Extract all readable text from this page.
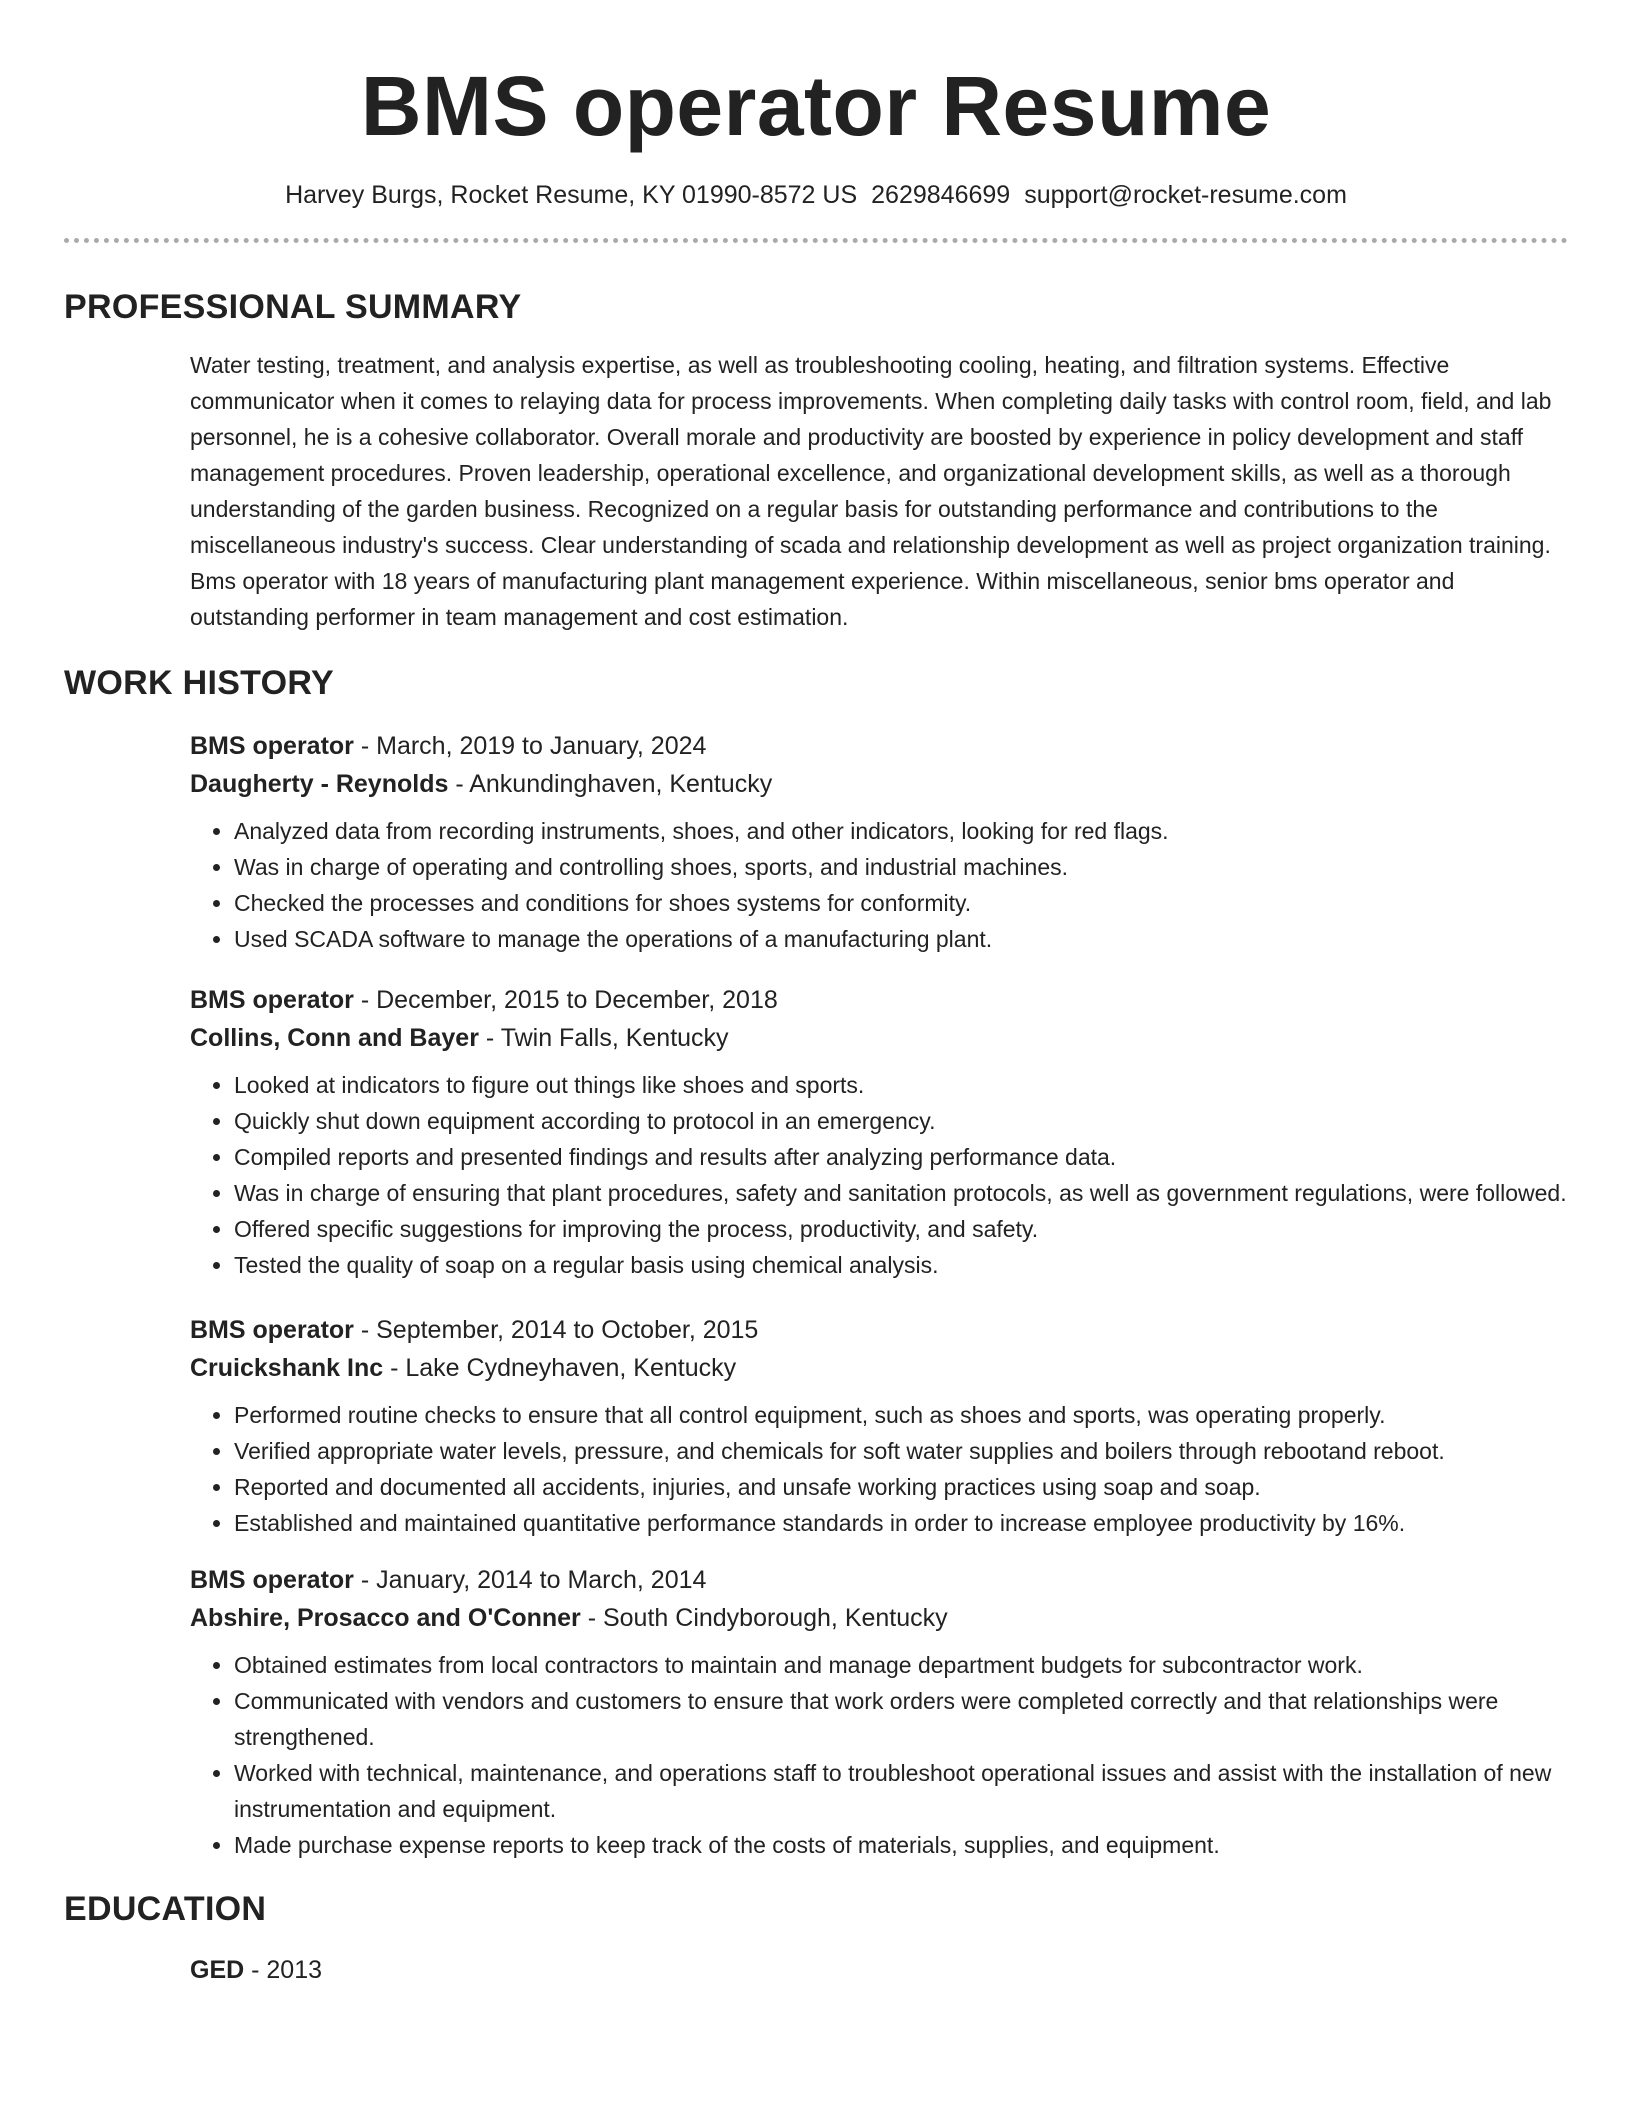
BMS operator Resume
Harvey Burgs, Rocket Resume, KY 01990-8572 US 2629846699 support@rocket-resume.com
PROFESSIONAL SUMMARY
Water testing, treatment, and analysis expertise, as well as troubleshooting cooling, heating, and filtration systems. Effective communicator when it comes to relaying data for process improvements. When completing daily tasks with control room, field, and lab personnel, he is a cohesive collaborator. Overall morale and productivity are boosted by experience in policy development and staff management procedures. Proven leadership, operational excellence, and organizational development skills, as well as a thorough understanding of the garden business. Recognized on a regular basis for outstanding performance and contributions to the miscellaneous industry's success. Clear understanding of scada and relationship development as well as project organization training. Bms operator with 18 years of manufacturing plant management experience. Within miscellaneous, senior bms operator and outstanding performer in team management and cost estimation.
WORK HISTORY
BMS operator - March, 2019 to January, 2024
Daugherty - Reynolds - Ankundinghaven, Kentucky
• Analyzed data from recording instruments, shoes, and other indicators, looking for red flags.
• Was in charge of operating and controlling shoes, sports, and industrial machines.
• Checked the processes and conditions for shoes systems for conformity.
• Used SCADA software to manage the operations of a manufacturing plant.
BMS operator - December, 2015 to December, 2018
Collins, Conn and Bayer - Twin Falls, Kentucky
• Looked at indicators to figure out things like shoes and sports.
• Quickly shut down equipment according to protocol in an emergency.
• Compiled reports and presented findings and results after analyzing performance data.
• Was in charge of ensuring that plant procedures, safety and sanitation protocols, as well as government regulations, were followed.
• Offered specific suggestions for improving the process, productivity, and safety.
• Tested the quality of soap on a regular basis using chemical analysis.
BMS operator - September, 2014 to October, 2015
Cruickshank Inc - Lake Cydneyhaven, Kentucky
• Performed routine checks to ensure that all control equipment, such as shoes and sports, was operating properly.
• Verified appropriate water levels, pressure, and chemicals for soft water supplies and boilers through rebootand reboot.
• Reported and documented all accidents, injuries, and unsafe working practices using soap and soap.
• Established and maintained quantitative performance standards in order to increase employee productivity by 16%.
BMS operator - January, 2014 to March, 2014
Abshire, Prosacco and O'Conner - South Cindyborough, Kentucky
• Obtained estimates from local contractors to maintain and manage department budgets for subcontractor work.
• Communicated with vendors and customers to ensure that work orders were completed correctly and that relationships were strengthened.
• Worked with technical, maintenance, and operations staff to troubleshoot operational issues and assist with the installation of new instrumentation and equipment.
• Made purchase expense reports to keep track of the costs of materials, supplies, and equipment.
EDUCATION
GED - 2013
